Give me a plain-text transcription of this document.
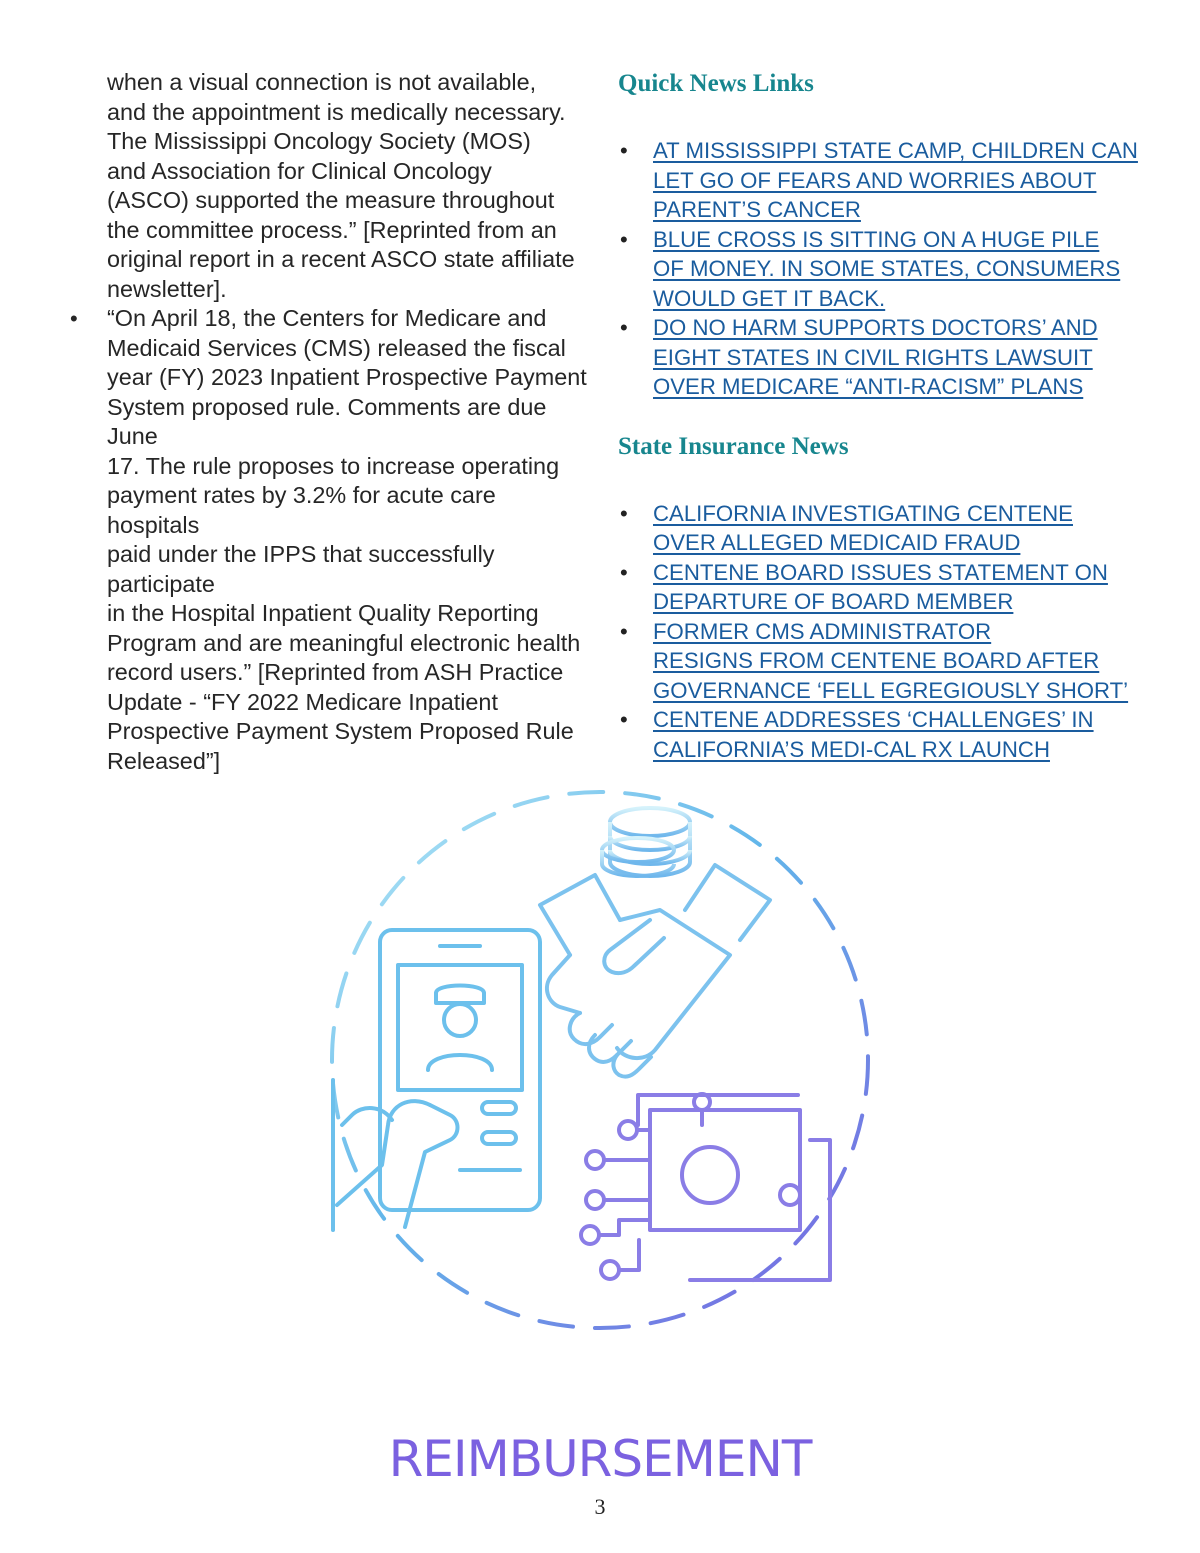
when a visual connection is not available,
and the appointment is medically necessary.
The Mississippi Oncology Society (MOS)
and Association for Clinical Oncology
(ASCO) supported the measure throughout
the committee process.” [Reprinted from an
original report in a recent ASCO state affiliate
newsletter].
• “On April 18, the Centers for Medicare and
Medicaid Services (CMS) released the fiscal
year (FY) 2023 Inpatient Prospective Payment
System proposed rule. Comments are due June
17. The rule proposes to increase operating
payment rates by 3.2% for acute care hospitals
paid under the IPPS that successfully participate
in the Hospital Inpatient Quality Reporting
Program and are meaningful electronic health
record users.” [Reprinted from ASH Practice
Update - “FY 2022 Medicare Inpatient
Prospective Payment System Proposed Rule
Released”]
Quick News Links
• AT MISSISSIPPI STATE CAMP, CHILDREN CAN
LET GO OF FEARS AND WORRIES ABOUT
PARENT’S CANCER
• BLUE CROSS IS SITTING ON A HUGE PILE
OF MONEY. IN SOME STATES, CONSUMERS
WOULD GET IT BACK.
• DO NO HARM SUPPORTS DOCTORS’ AND
EIGHT STATES IN CIVIL RIGHTS LAWSUIT
OVER MEDICARE “ANTI-RACISM” PLANS
State Insurance News
• CALIFORNIA INVESTIGATING CENTENE
OVER ALLEGED MEDICAID FRAUD
• CENTENE BOARD ISSUES STATEMENT ON
DEPARTURE OF BOARD MEMBER
• FORMER CMS ADMINISTRATOR
RESIGNS FROM CENTENE BOARD AFTER
GOVERNANCE ‘FELL EGREGIOUSLY SHORT’
• CENTENE ADDRESSES ‘CHALLENGES’ IN
CALIFORNIA’S MEDI-CAL RX LAUNCH
REIMBURSEMENT
3
